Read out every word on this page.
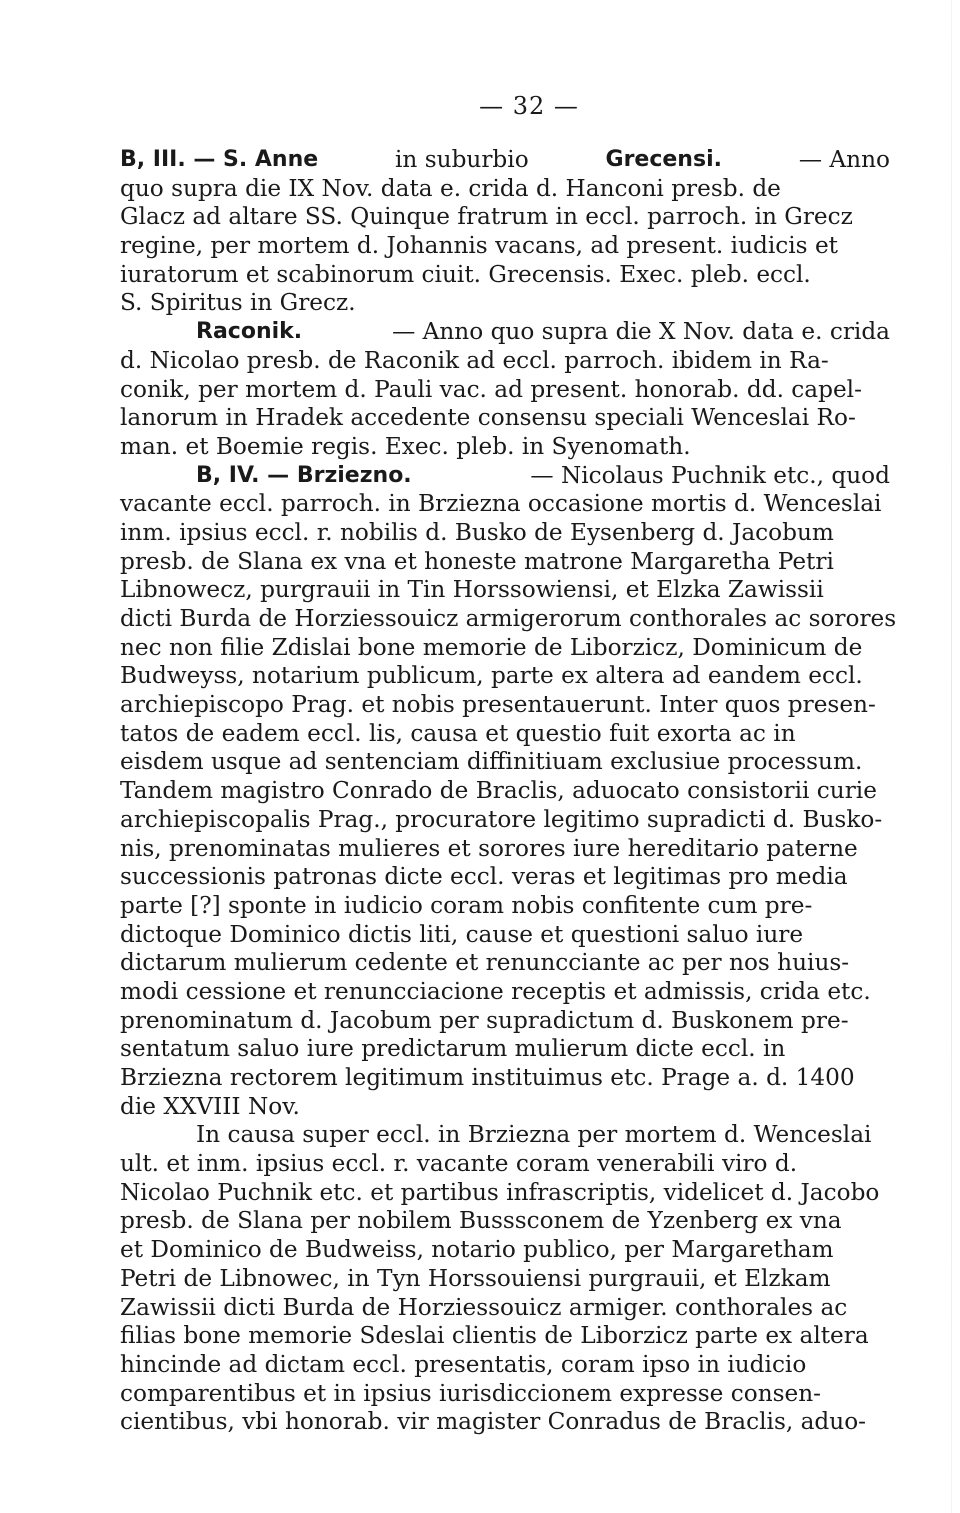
— 32 —
B, III. — S. Anne	in suburbio	Grecensi.	— Anno
quo supra die IX Nov. data e. crida d. Hanconi presb. de
Glacz ad altare SS. Quinque fratrum in eccl. parroch. in Grecz
regine, per mortem d. Johannis vacans, ad present. iudicis et
iuratorum et scabinorum ciuit. Grecensis. Exec. pleb. eccl.
S. Spiritus in Grecz.
Raconik.	— Anno quo supra die X Nov. data e. crida
d. Nicolao presb. de Raconik ad eccl. parroch. ibidem in Ra-
conik, per mortem d. Pauli vac. ad present. honorab. dd. capel-
lanorum in Hradek accedente consensu speciali Wenceslai Ro-
man. et Boemie regis. Exec. pleb. in Syenomath.
B, IV. — Brziezno.	— Nicolaus Puchnik etc., quod
vacante eccl. parroch. in Brziezna occasione mortis d. Wenceslai
inm. ipsius eccl. r. nobilis d. Busko de Eysenberg d. Jacobum
presb. de Slana ex vna et honeste matrone Margaretha Petri
Libnowecz, purgrauii in Tin Horssowiensi, et Elzka Zawissii
dicti Burda de Horziessouicz armigerorum conthorales ac sorores
nec non filie Zdislai bone memorie de Liborzicz, Dominicum de
Budweyss, notarium publicum, parte ex altera ad eandem eccl.
archiepiscopo Prag. et nobis presentauerunt. Inter quos presen-
tatos de eadem eccl. lis, causa et questio fuit exorta ac in
eisdem usque ad sentenciam diffinitiuam exclusiue processum.
Tandem magistro Conrado de Braclis, aduocato consistorii curie
archiepiscopalis Prag., procuratore legitimo supradicti d. Busko-
nis, prenominatas mulieres et sorores iure hereditario paterne
successionis patronas dicte eccl. veras et legitimas pro media
parte [?] sponte in iudicio coram nobis confitente cum pre-
dictoque Dominico dictis liti, cause et questioni saluo iure
dictarum mulierum cedente et renuncciante ac per nos huius-
modi cessione et renuncciacione receptis et admissis, crida etc.
prenominatum d. Jacobum per supradictum d. Buskonem pre-
sentatum saluo iure predictarum mulierum dicte eccl. in
Brziezna rectorem legitimum instituimus etc. Prage a. d. 1400
die XXVIII Nov.
In causa super eccl. in Brziezna per mortem d. Wenceslai
ult. et inm. ipsius eccl. r. vacante coram venerabili viro d.
Nicolao Puchnik etc. et partibus infrascriptis, videlicet d. Jacobo
presb. de Slana per nobilem Busssconem de Yzenberg ex vna
et Dominico de Budweiss, notario publico, per Margaretham
Petri de Libnowec, in Tyn Horssouiensi purgrauii, et Elzkam
Zawissii dicti Burda de Horziessouicz armiger. conthorales ac
filias bone memorie Sdeslai clientis de Liborzicz parte ex altera
hincinde ad dictam eccl. presentatis, coram ipso in iudicio
comparentibus et in ipsius iurisdiccionem expresse consen-
cientibus, vbi honorab. vir magister Conradus de Braclis, aduo-
